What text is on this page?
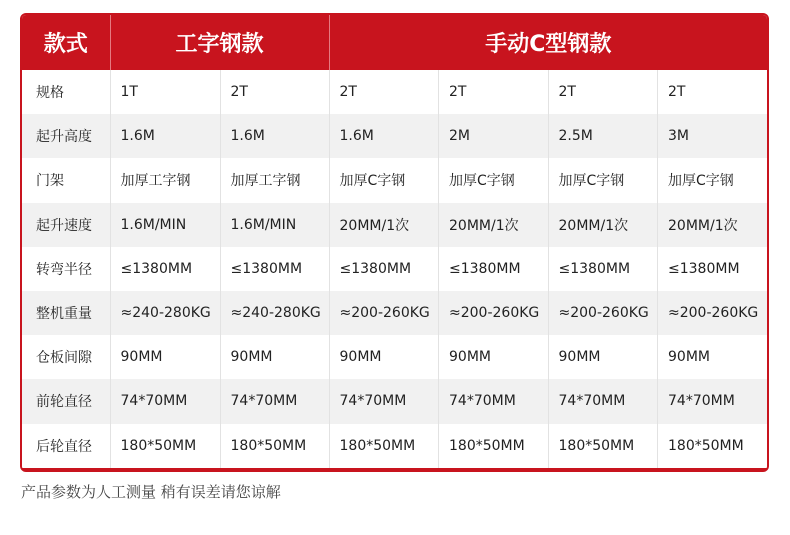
款式	工字钢款		手动C型钢款			
规格	1T	2T	2T	2T	2T	2T
起升高度	1.6M	1.6M	1.6M	2M	2.5M	3M
门架	加厚工字钢	加厚工字钢	加厚C字钢	加厚C字钢	加厚C字钢	加厚C字钢
起升速度	1.6M/MIN	1.6M/MIN	20MM/1次	20MM/1次	20MM/1次	20MM/1次
转弯半径	≤1380MM	≤1380MM	≤1380MM	≤1380MM	≤1380MM	≤1380MM
整机重量	≈240-280KG	≈240-280KG	≈200-260KG	≈200-260KG	≈200-260KG	≈200-260KG
仓板间隙	90MM	90MM	90MM	90MM	90MM	90MM
前轮直径	74*70MM	74*70MM	74*70MM	74*70MM	74*70MM	74*70MM
后轮直径	180*50MM	180*50MM	180*50MM	180*50MM	180*50MM	180*50MM
产品参数为人工测量 稍有误差请您谅解
